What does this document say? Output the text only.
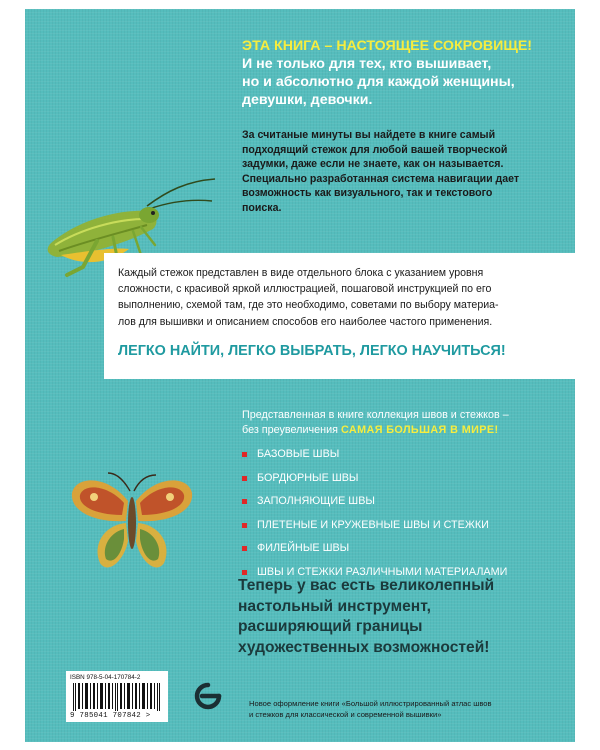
ЭТА КНИГА – НАСТОЯЩЕЕ СОКРОВИЩЕ!
И не только для тех, кто вышивает,
но и абсолютно для каждой женщины,
девушки, девочки.
За считаные минуты вы найдете в книге самый
подходящий стежок для любой вашей творческой
задумки, даже если не знаете, как он называется.
Специально разработанная система навигации дает
возможность как визуального, так и текстового
поиска.
Каждый стежок представлен в виде отдельного блока с указанием уровня
сложности, с красивой яркой иллюстрацией, пошаговой инструкцией по его
выполнению, схемой там, где это необходимо, советами по выбору материа-
лов для вышивки и описанием способов его наиболее частого применения.
ЛЕГКО НАЙТИ, ЛЕГКО ВЫБРАТЬ, ЛЕГКО НАУЧИТЬСЯ!
Представленная в книге коллекция швов и стежков –
без преувеличения САМАЯ БОЛЬШАЯ В МИРЕ!
БАЗОВЫЕ ШВЫ
БОРДЮРНЫЕ ШВЫ
ЗАПОЛНЯЮЩИЕ ШВЫ
ПЛЕТЕНЫЕ И КРУЖЕВНЫЕ ШВЫ И СТЕЖКИ
ФИЛЕЙНЫЕ ШВЫ
ШВЫ И СТЕЖКИ РАЗЛИЧНЫМИ МАТЕРИАЛАМИ
Теперь у вас есть великолепный
настольный инструмент,
расширяющий границы
художественных возможностей!
ISBN 978-5-04-170784-2
9 785041 707842 >
Новое оформление книги «Большой иллюстрированный атлас швов
и стежков для классической и современной вышивки»
